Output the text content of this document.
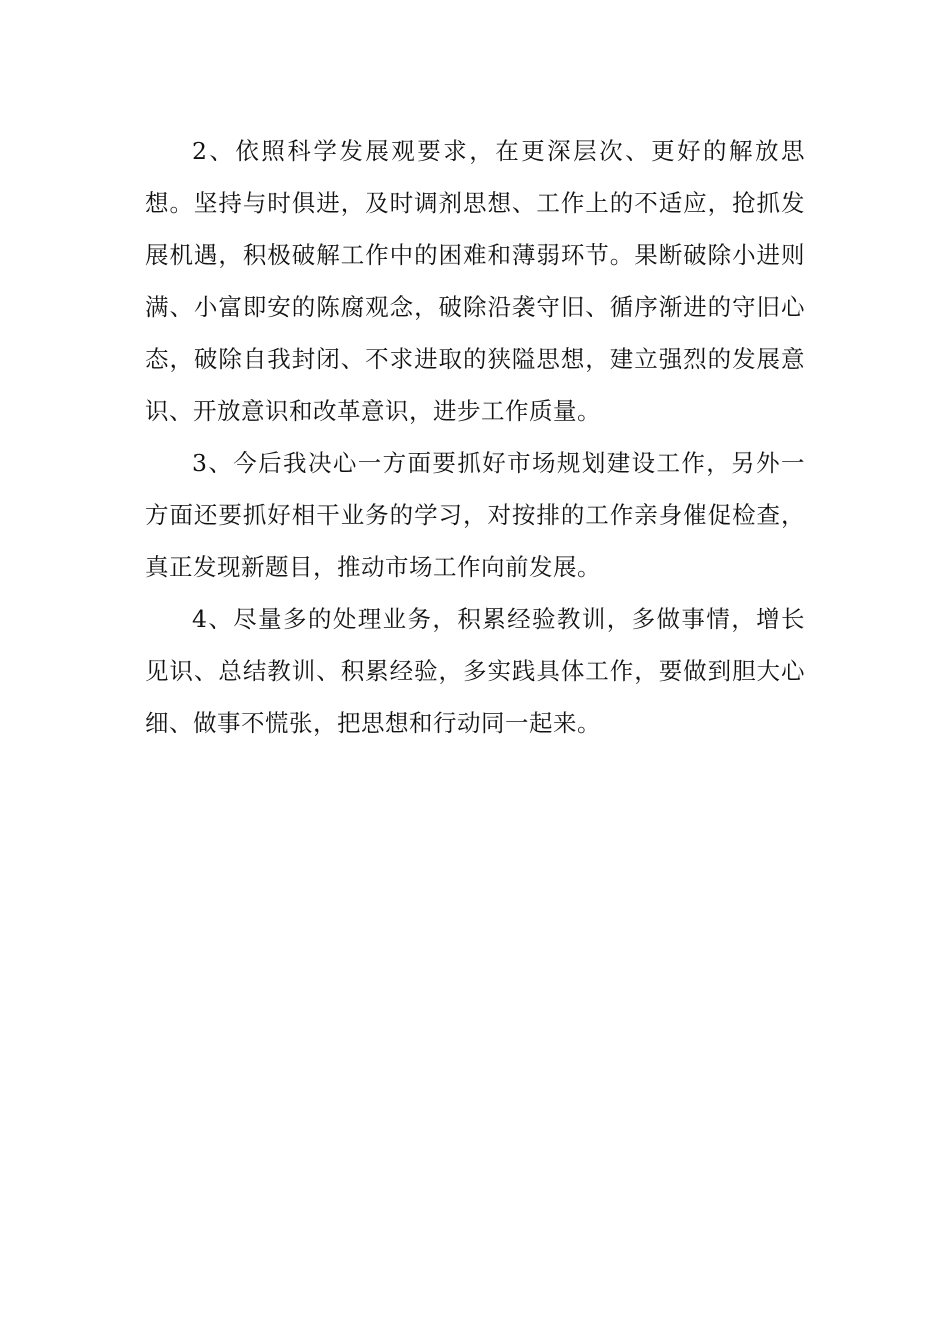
2、依照科学发展观要求，在更深层次、更好的解放思想。坚持与时俱进，及时调剂思想、工作上的不适应，抢抓发展机遇，积极破解工作中的困难和薄弱环节。果断破除小进则满、小富即安的陈腐观念，破除沿袭守旧、循序渐进的守旧心态，破除自我封闭、不求进取的狭隘思想，建立强烈的发展意识、开放意识和改革意识，进步工作质量。

3、今后我决心一方面要抓好市场规划建设工作，另外一方面还要抓好相干业务的学习，对按排的工作亲身催促检查，真正发现新题目，推动市场工作向前发展。

4、尽量多的处理业务，积累经验教训，多做事情，增长见识、总结教训、积累经验，多实践具体工作，要做到胆大心细、做事不慌张，把思想和行动同一起来。
